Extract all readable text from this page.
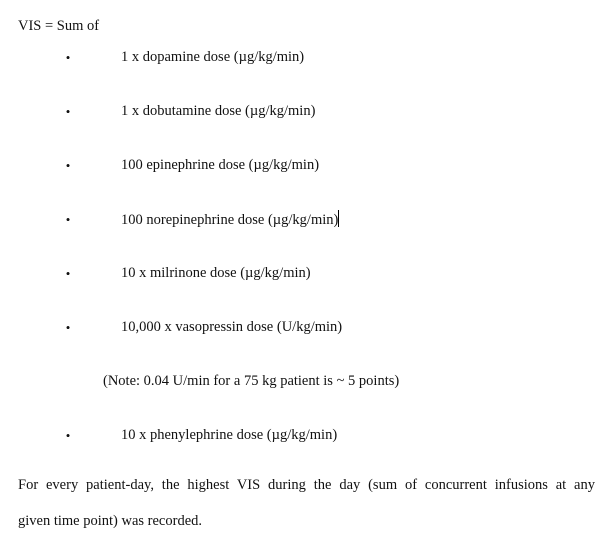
VIS = Sum of
•	1 x dopamine dose (µg/kg/min)
•	1 x dobutamine dose (µg/kg/min)
•	100 epinephrine dose (µg/kg/min)
•	100 norepinephrine dose (µg/kg/min)
•	10 x milrinone dose (µg/kg/min)
•	10,000 x vasopressin dose (U/kg/min)
(Note: 0.04 U/min for a 75 kg patient is ~ 5 points)
•	10 x phenylephrine dose (µg/kg/min)
For every patient-day, the highest VIS during the day (sum of concurrent infusions at any
given time point) was recorded.
